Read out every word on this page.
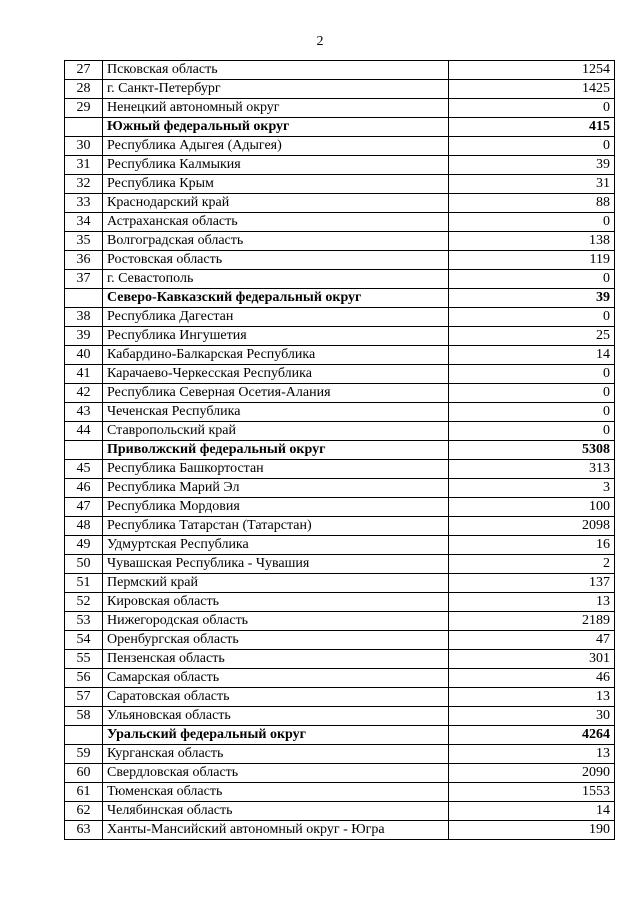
2
27	Псковская область	1254
28	г. Санкт-Петербург	1425
29	Ненецкий автономный округ	0
	Южный федеральный округ	415
30	Республика Адыгея (Адыгея)	0
31	Республика Калмыкия	39
32	Республика Крым	31
33	Краснодарский край	88
34	Астраханская область	0
35	Волгоградская область	138
36	Ростовская область	119
37	г. Севастополь	0
	Северо-Кавказский федеральный округ	39
38	Республика Дагестан	0
39	Республика Ингушетия	25
40	Кабардино-Балкарская Республика	14
41	Карачаево-Черкесская Республика	0
42	Республика Северная Осетия-Алания	0
43	Чеченская Республика	0
44	Ставропольский край	0
	Приволжский федеральный округ	5308
45	Республика Башкортостан	313
46	Республика Марий Эл	3
47	Республика Мордовия	100
48	Республика Татарстан (Татарстан)	2098
49	Удмуртская Республика	16
50	Чувашская Республика - Чувашия	2
51	Пермский край	137
52	Кировская область	13
53	Нижегородская область	2189
54	Оренбургская область	47
55	Пензенская область	301
56	Самарская область	46
57	Саратовская область	13
58	Ульяновская область	30
	Уральский федеральный округ	4264
59	Курганская область	13
60	Свердловская область	2090
61	Тюменская область	1553
62	Челябинская область	14
63	Ханты-Мансийский автономный округ - Югра	190
